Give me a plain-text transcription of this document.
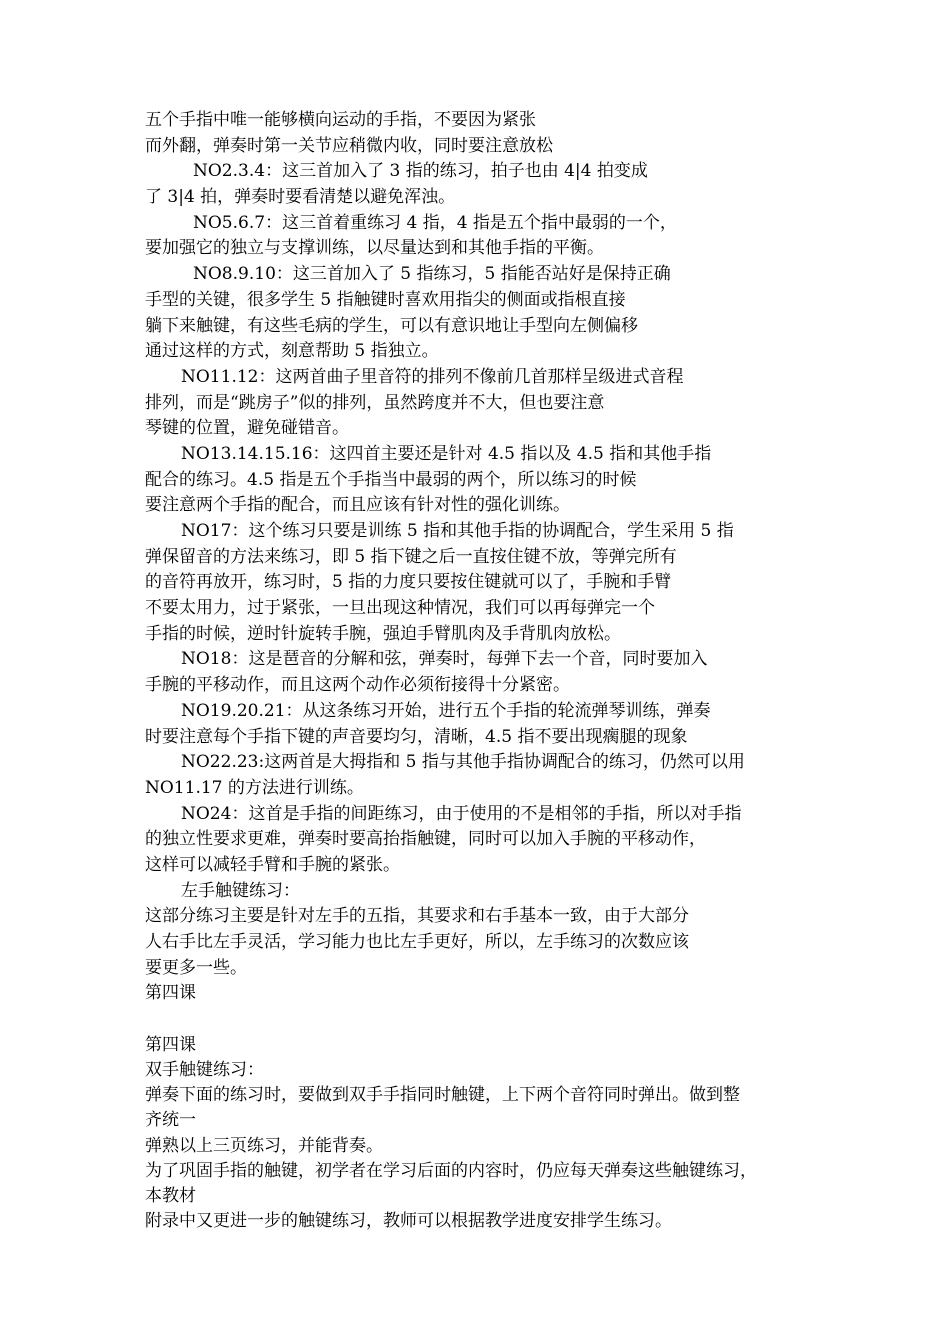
五个手指中唯一能够横向运动的手指，不要因为紧张
而外翻，弹奏时第一关节应稍微内收，同时要注意放松
NO2.3.4：这三首加入了 3 指的练习，拍子也由 4|4 拍变成
了 3|4 拍，弹奏时要看清楚以避免浑浊。
NO5.6.7：这三首着重练习 4 指，4 指是五个指中最弱的一个，
要加强它的独立与支撑训练，以尽量达到和其他手指的平衡。
NO8.9.10：这三首加入了 5 指练习，5 指能否站好是保持正确
手型的关键，很多学生 5 指触键时喜欢用指尖的侧面或指根直接
躺下来触键，有这些毛病的学生，可以有意识地让手型向左侧偏移
通过这样的方式，刻意帮助 5 指独立。
NO11.12：这两首曲子里音符的排列不像前几首那样呈级进式音程
排列，而是“跳房子”似的排列，虽然跨度并不大，但也要注意
琴键的位置，避免碰错音。
NO13.14.15.16：这四首主要还是针对 4.5 指以及 4.5 指和其他手指
配合的练习。4.5 指是五个手指当中最弱的两个，所以练习的时候
要注意两个手指的配合，而且应该有针对性的强化训练。
NO17：这个练习只要是训练 5 指和其他手指的协调配合，学生采用 5 指
弹保留音的方法来练习，即 5 指下键之后一直按住键不放，等弹完所有
的音符再放开，练习时，5 指的力度只要按住键就可以了，手腕和手臂
不要太用力，过于紧张，一旦出现这种情况，我们可以再每弹完一个
手指的时候，逆时针旋转手腕，强迫手臂肌肉及手背肌肉放松。
NO18：这是琶音的分解和弦，弹奏时，每弹下去一个音，同时要加入
手腕的平移动作，而且这两个动作必须衔接得十分紧密。
NO19.20.21：从这条练习开始，进行五个手指的轮流弹琴训练，弹奏
时要注意每个手指下键的声音要均匀，清晰，4.5 指不要出现瘸腿的现象
NO22.23:这两首是大拇指和 5 指与其他手指协调配合的练习，仍然可以用
NO11.17 的方法进行训练。
NO24：这首是手指的间距练习，由于使用的不是相邻的手指，所以对手指
的独立性要求更难，弹奏时要高抬指触键，同时可以加入手腕的平移动作，
这样可以减轻手臂和手腕的紧张。
左手触键练习：
这部分练习主要是针对左手的五指，其要求和右手基本一致，由于大部分
人右手比左手灵活，学习能力也比左手更好，所以，左手练习的次数应该
要更多一些。
第四课
第四课
双手触键练习：
弹奏下面的练习时，要做到双手手指同时触键，上下两个音符同时弹出。做到整
齐统一
弹熟以上三页练习，并能背奏。
为了巩固手指的触键，初学者在学习后面的内容时，仍应每天弹奏这些触键练习，
本教材
附录中又更进一步的触键练习，教师可以根据教学进度安排学生练习。
